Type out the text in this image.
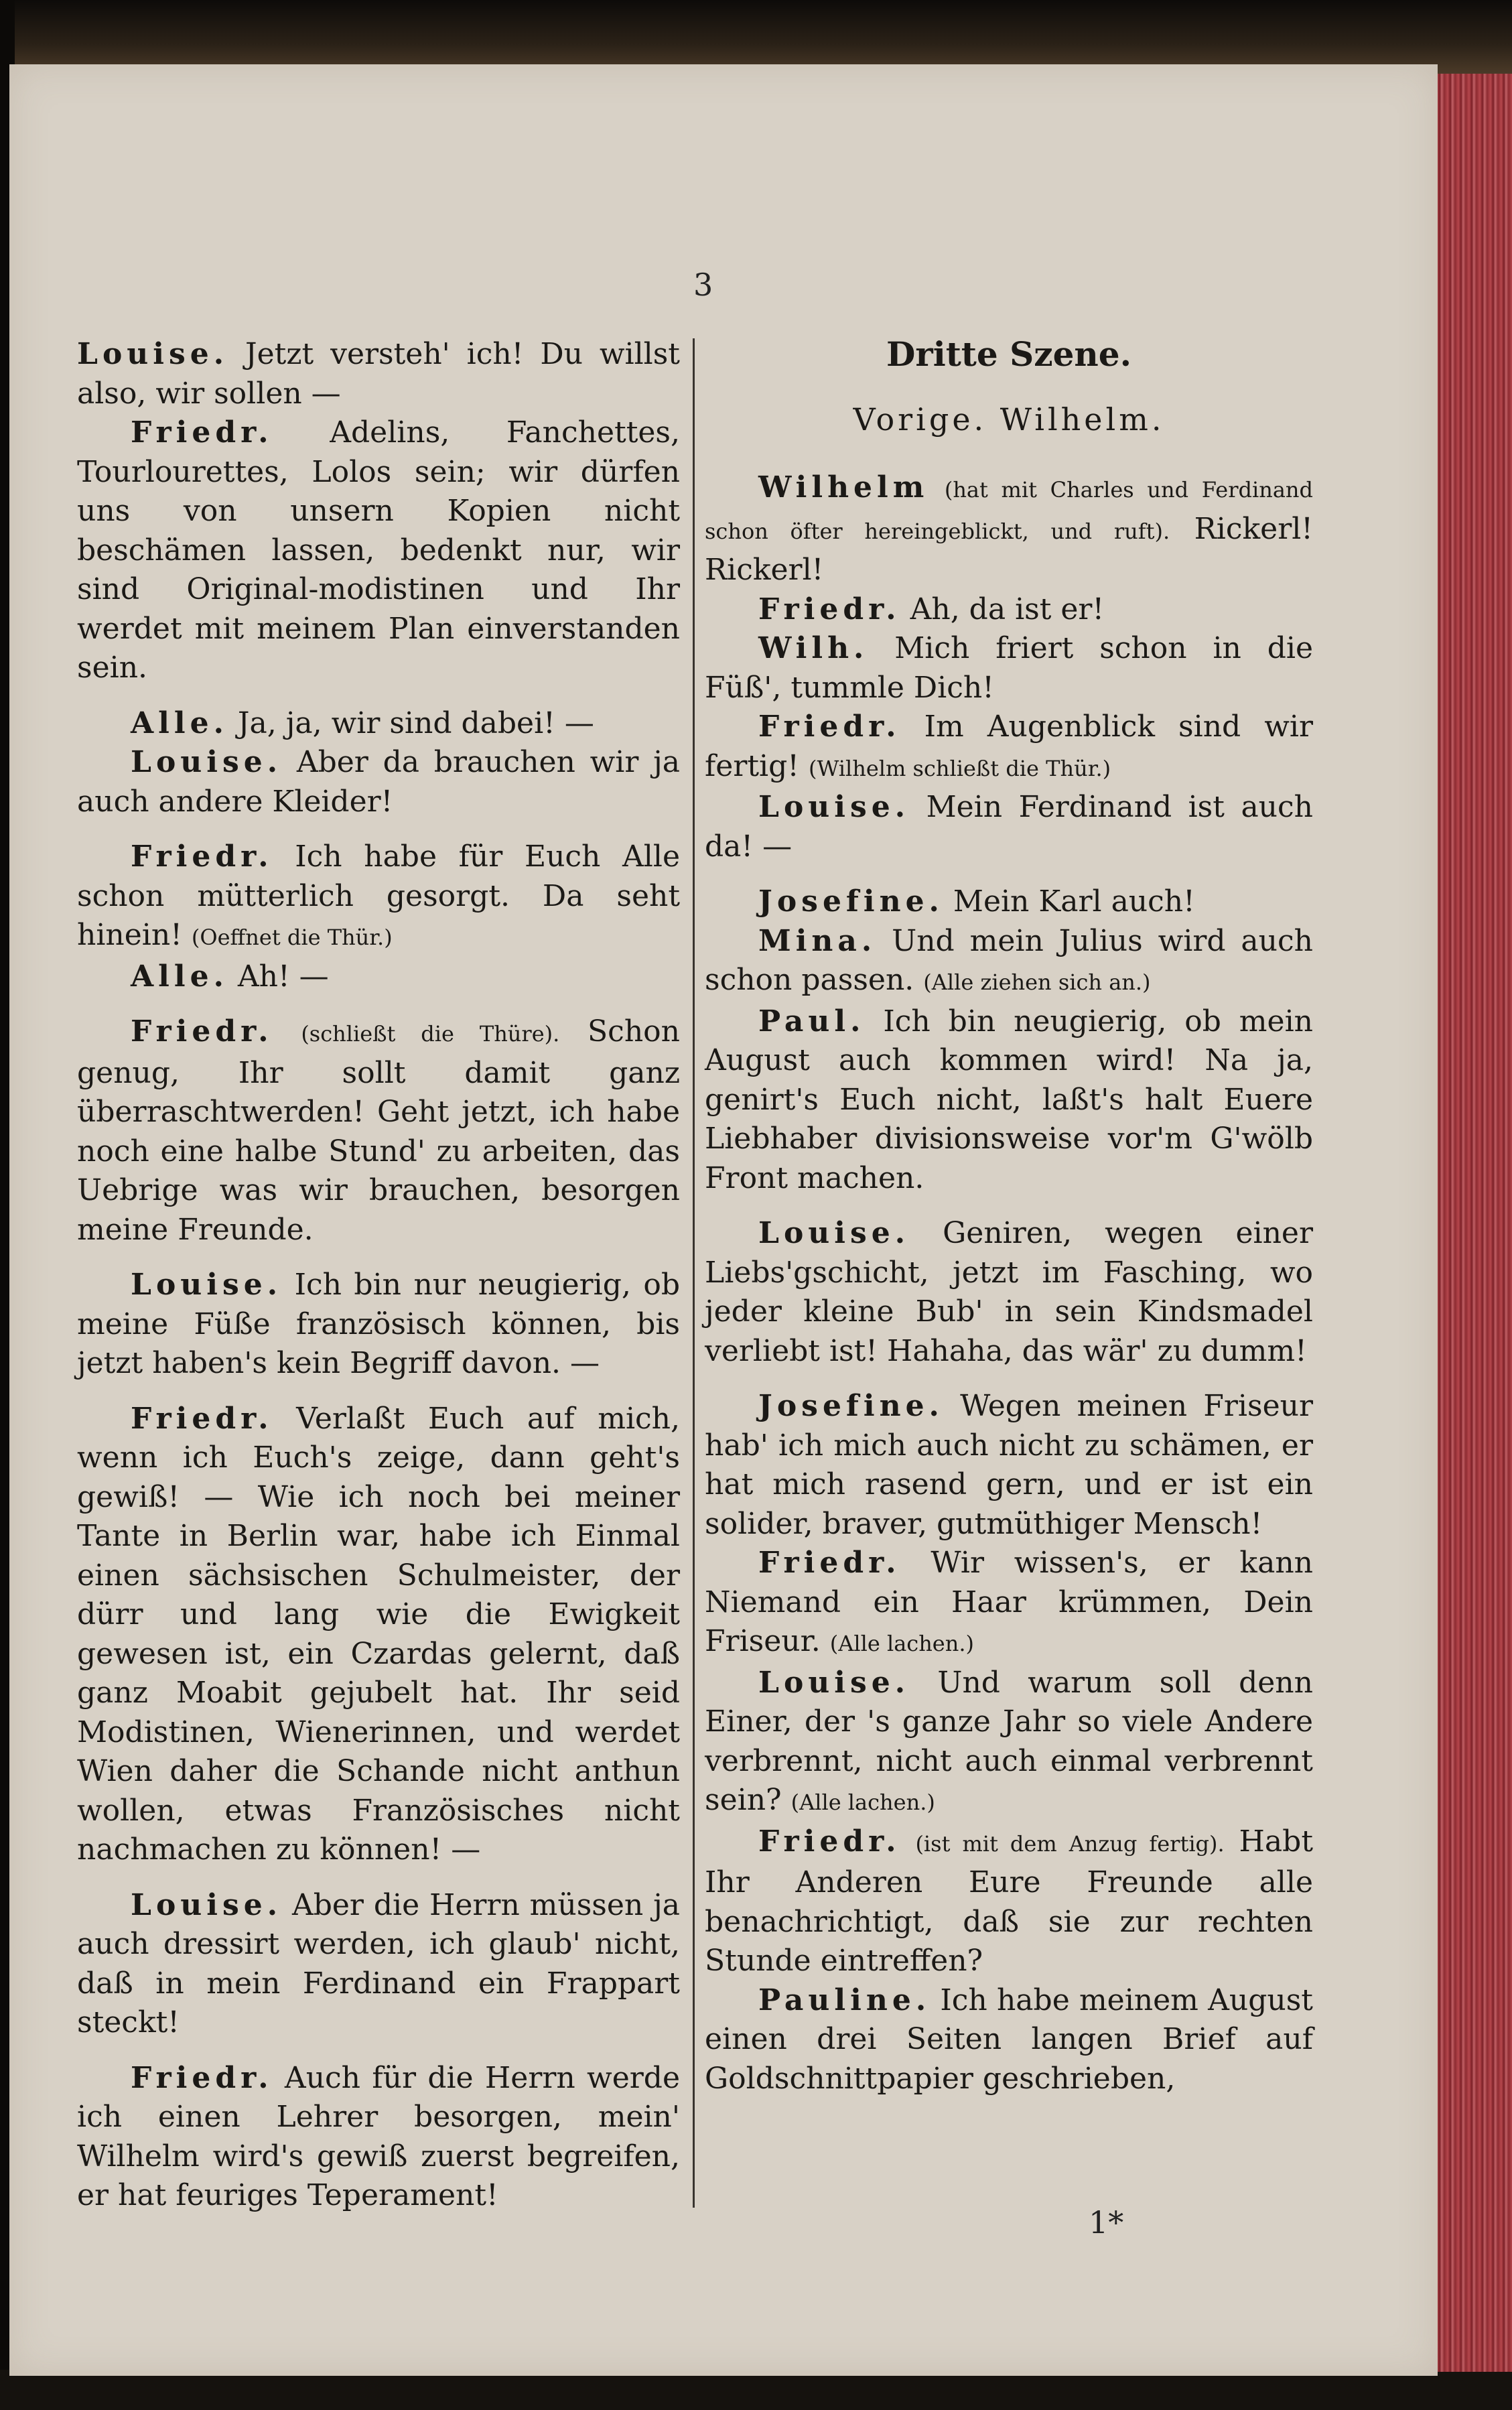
3

Louise. Jetzt versteh' ich! Du willst also, wir sollen —

Friedr. Adelins, Fanchettes, Tourlourettes, Lolos sein; wir dürfen uns von unsern Kopien nicht beschämen lassen, bedenkt nur, wir sind Original-modistinen und Ihr werdet mit meinem Plan einverstanden sein.

Alle. Ja, ja, wir sind dabei! —

Louise. Aber da brauchen wir ja auch andere Kleider!

Friedr. Ich habe für Euch Alle schon mütterlich gesorgt. Da seht hinein! (Oeffnet die Thür.)

Alle. Ah! —

Friedr. (schließt die Thüre). Schon genug, Ihr sollt damit ganz überraschtwerden! Geht jetzt, ich habe noch eine halbe Stund' zu arbeiten, das Uebrige was wir brauchen, besorgen meine Freunde.

Louise. Ich bin nur neugierig, ob meine Füße französisch können, bis jetzt haben's kein Begriff davon. —

Friedr. Verlaßt Euch auf mich, wenn ich Euch's zeige, dann geht's gewiß! — Wie ich noch bei meiner Tante in Berlin war, habe ich Einmal einen sächsischen Schulmeister, der dürr und lang wie die Ewigkeit gewesen ist, ein Czardas gelernt, daß ganz Moabit gejubelt hat. Ihr seid Modistinen, Wienerinnen, und werdet Wien daher die Schande nicht anthun wollen, etwas Französisches nicht nachmachen zu können! —

Louise. Aber die Herrn müssen ja auch dressirt werden, ich glaub' nicht, daß in mein Ferdinand ein Frappart steckt!

Friedr. Auch für die Herrn werde ich einen Lehrer besorgen, mein' Wilhelm wird's gewiß zuerst begreifen, er hat feuriges Teperament!

Dritte Szene.

Vorige. Wilhelm.

Wilhelm (hat mit Charles und Ferdinand schon öfter hereingeblickt, und ruft). Rickerl! Rickerl!

Friedr. Ah, da ist er!

Wilh. Mich friert schon in die Füß', tummle Dich!

Friedr. Im Augenblick sind wir fertig! (Wilhelm schließt die Thür.)

Louise. Mein Ferdinand ist auch da! —

Josefine. Mein Karl auch!

Mina. Und mein Julius wird auch schon passen. (Alle ziehen sich an.)

Paul. Ich bin neugierig, ob mein August auch kommen wird! Na ja, genirt's Euch nicht, laßt's halt Euere Liebhaber divisionsweise vor'm G'wölb Front machen.

Louise. Geniren, wegen einer Liebs'gschicht, jetzt im Fasching, wo jeder kleine Bub' in sein Kindsmadel verliebt ist! Hahaha, das wär' zu dumm!

Josefine. Wegen meinen Friseur hab' ich mich auch nicht zu schämen, er hat mich rasend gern, und er ist ein solider, braver, gutmüthiger Mensch!

Friedr. Wir wissen's, er kann Niemand ein Haar krümmen, Dein Friseur. (Alle lachen.)

Louise. Und warum soll denn Einer, der 's ganze Jahr so viele Andere verbrennt, nicht auch einmal verbrennt sein? (Alle lachen.)

Friedr. (ist mit dem Anzug fertig). Habt Ihr Anderen Eure Freunde alle benachrichtigt, daß sie zur rechten Stunde eintreffen?

Pauline. Ich habe meinem August einen drei Seiten langen Brief auf Goldschnittpapier geschrieben,

1*
